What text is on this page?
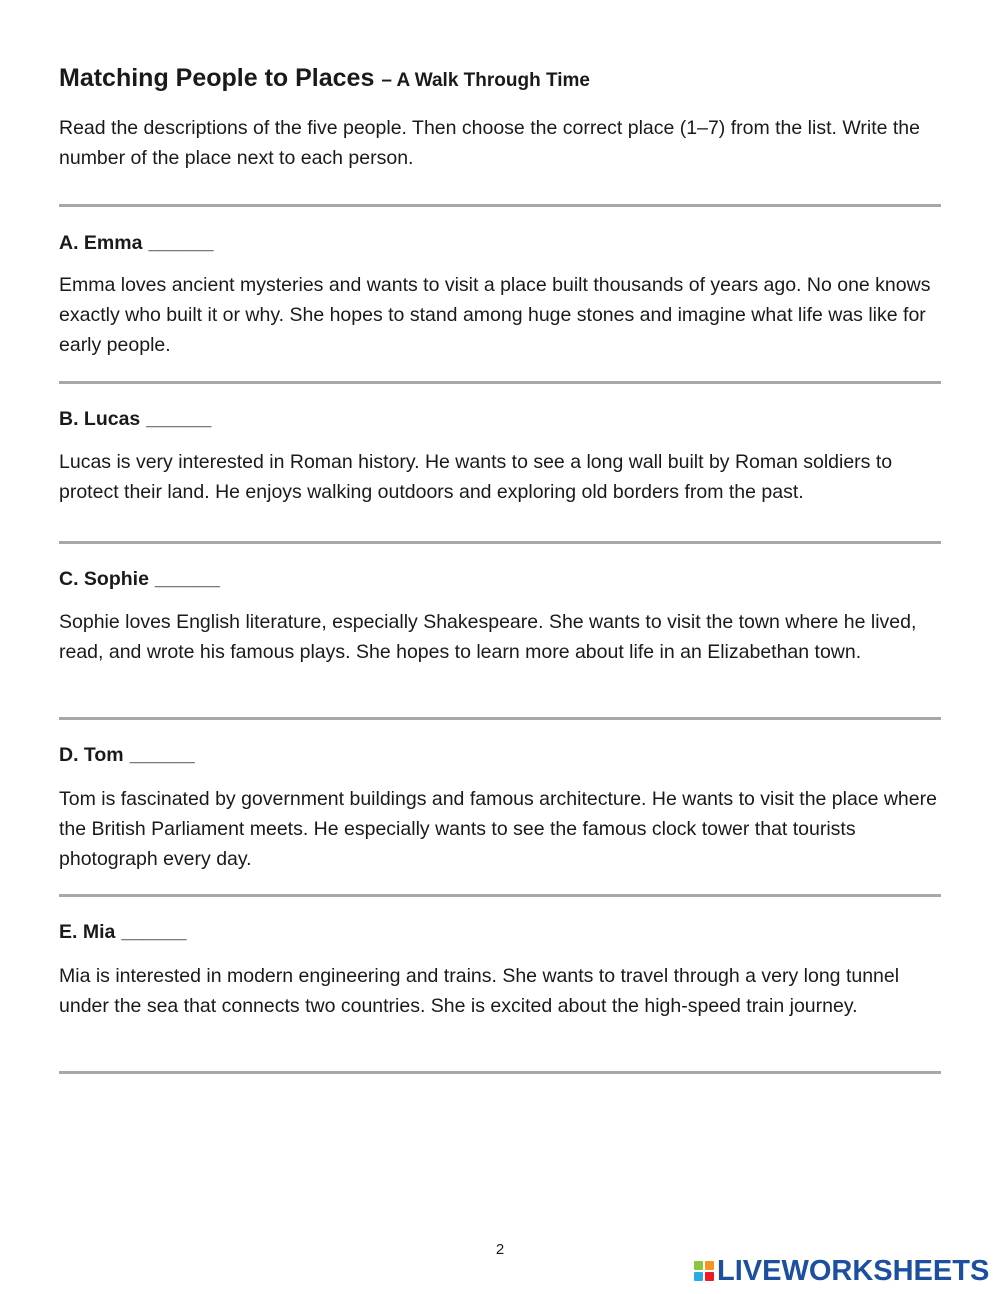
Matching People to Places – A Walk Through Time

Read the descriptions of the five people. Then choose the correct place (1–7) from the list. Write the number of the place next to each person.

A. Emma ______

Emma loves ancient mysteries and wants to visit a place built thousands of years ago. No one knows exactly who built it or why. She hopes to stand among huge stones and imagine what life was like for early people.

B. Lucas ______

Lucas is very interested in Roman history. He wants to see a long wall built by Roman soldiers to protect their land. He enjoys walking outdoors and exploring old borders from the past.

C. Sophie ______

Sophie loves English literature, especially Shakespeare. She wants to visit the town where he lived, read, and wrote his famous plays. She hopes to learn more about life in an Elizabethan town.

D. Tom ______

Tom is fascinated by government buildings and famous architecture. He wants to visit the place where the British Parliament meets. He especially wants to see the famous clock tower that tourists photograph every day.

E. Mia ______

Mia is interested in modern engineering and trains. She wants to travel through a very long tunnel under the sea that connects two countries. She is excited about the high-speed train journey.

2
LIVEWORKSHEETS
